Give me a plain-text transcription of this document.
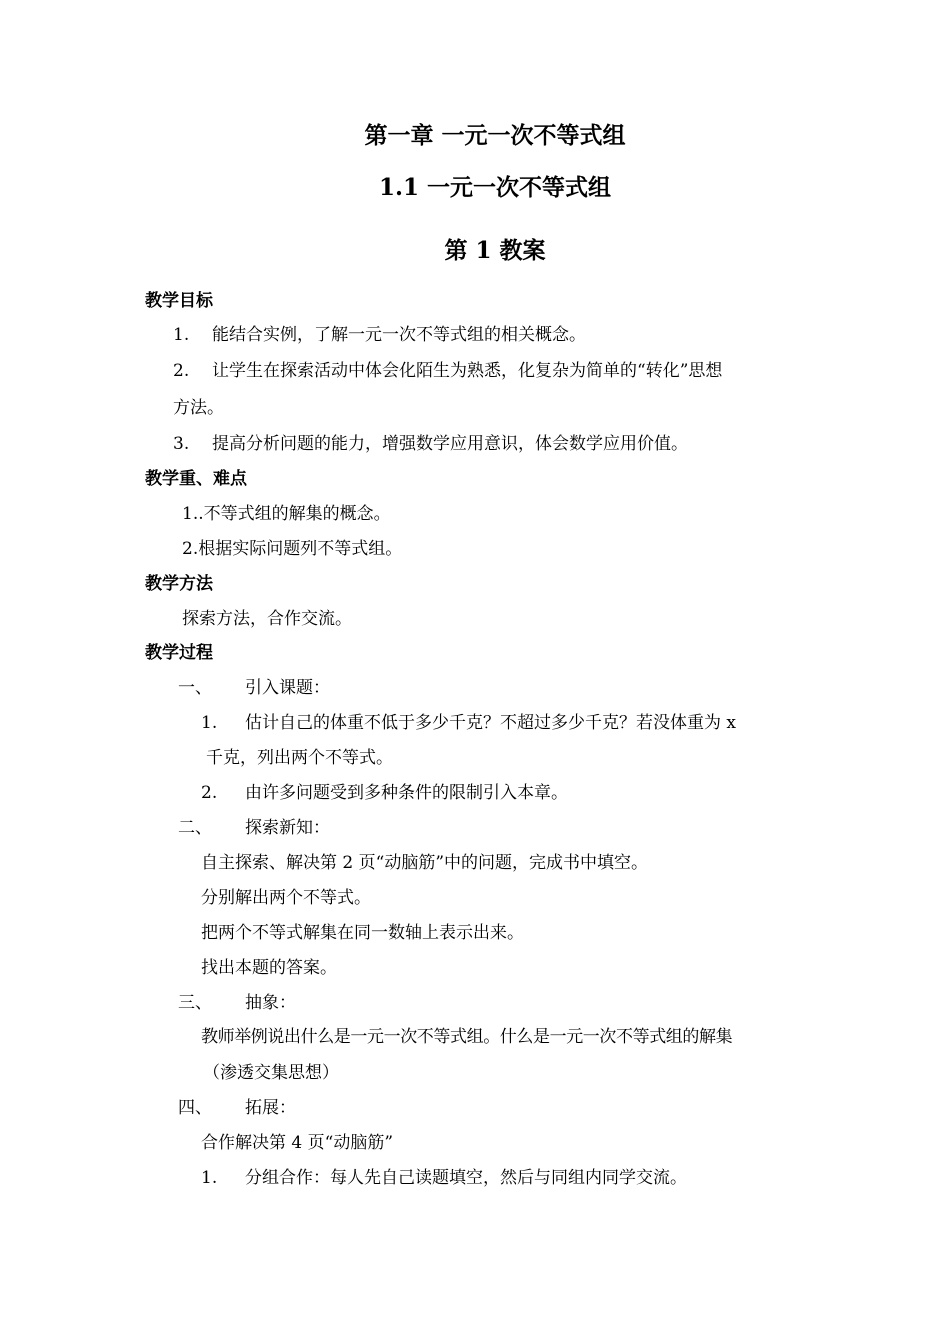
第一章 一元一次不等式组
1.1 一元一次不等式组
第 1 教案
教学目标
1. 能结合实例，了解一元一次不等式组的相关概念。
2. 让学生在探索活动中体会化陌生为熟悉，化复杂为简单的“转化”思想
方法。
3. 提高分析问题的能力，增强数学应用意识，体会数学应用价值。
教学重、难点
1..不等式组的解集的概念。
2.根据实际问题列不等式组。
教学方法
探索方法，合作交流。
教学过程
一、 引入课题：
1. 估计自己的体重不低于多少千克？不超过多少千克？若没体重为 x
千克，列出两个不等式。
2. 由许多问题受到多种条件的限制引入本章。
二、 探索新知：
自主探索、解决第 2 页“动脑筋”中的问题，完成书中填空。
分别解出两个不等式。
把两个不等式解集在同一数轴上表示出来。
找出本题的答案。
三、 抽象：
教师举例说出什么是一元一次不等式组。什么是一元一次不等式组的解集
（渗透交集思想）
四、 拓展：
合作解决第 4 页“动脑筋”
1. 分组合作：每人先自己读题填空，然后与同组内同学交流。
